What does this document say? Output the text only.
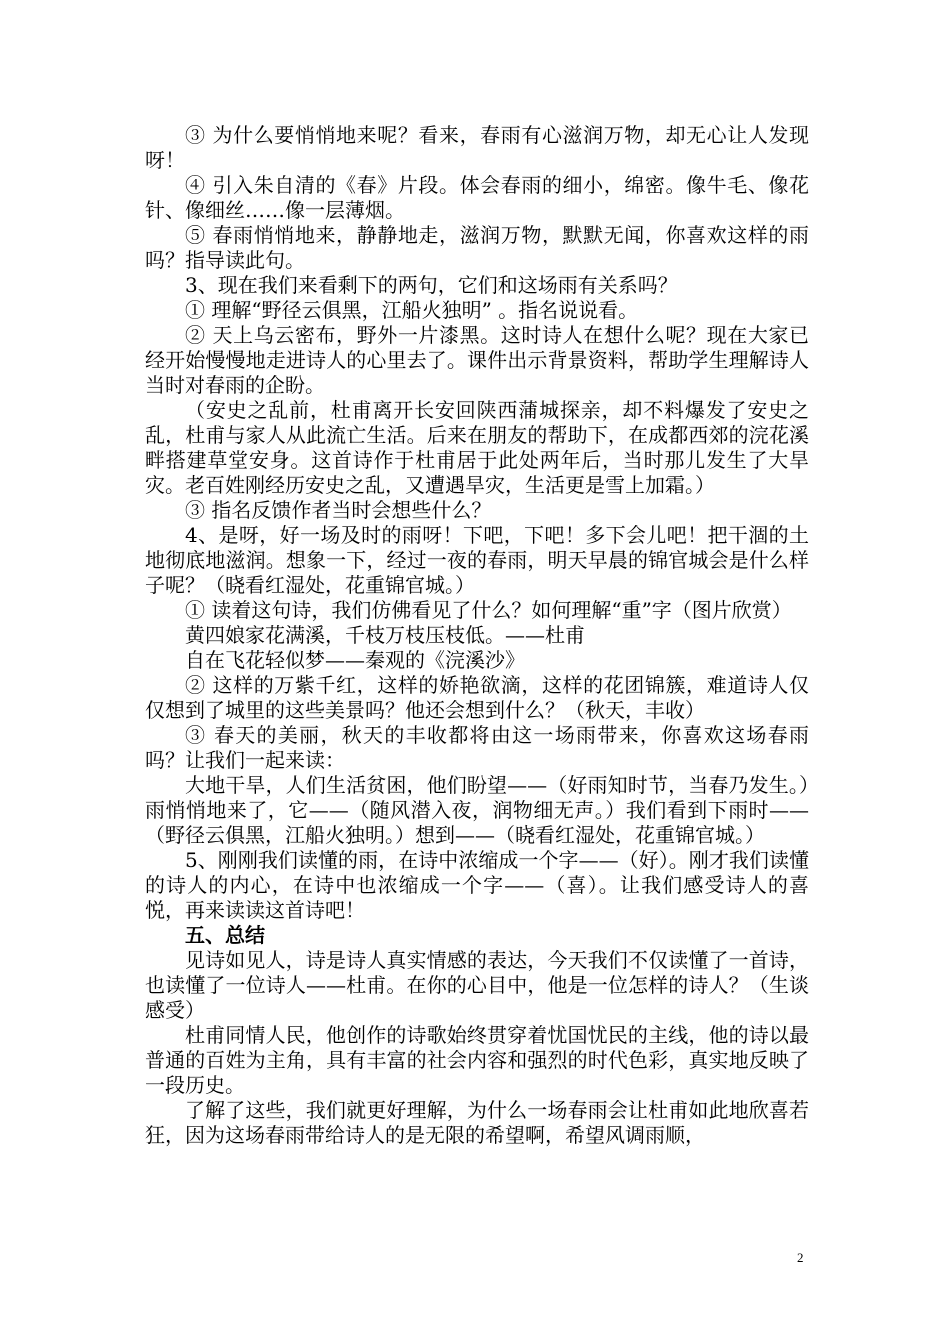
③ 为什么要悄悄地来呢？看来，春雨有心滋润万物，却无心让人发现呀！

④ 引入朱自清的《春》片段。体会春雨的细小，绵密。像牛毛、像花针、像细丝……像一层薄烟。

⑤ 春雨悄悄地来，静静地走，滋润万物，默默无闻，你喜欢这样的雨吗？指导读此句。

3、现在我们来看剩下的两句，它们和这场雨有关系吗？

① 理解“野径云俱黑，江船火独明” 。指名说说看。

② 天上乌云密布，野外一片漆黑。这时诗人在想什么呢？现在大家已经开始慢慢地走进诗人的心里去了。课件出示背景资料，帮助学生理解诗人当时对春雨的企盼。

（安史之乱前，杜甫离开长安回陕西蒲城探亲，却不料爆发了安史之乱，杜甫与家人从此流亡生活。后来在朋友的帮助下，在成都西郊的浣花溪畔搭建草堂安身。这首诗作于杜甫居于此处两年后，当时那儿发生了大旱灾。老百姓刚经历安史之乱，又遭遇旱灾，生活更是雪上加霜。）

③ 指名反馈作者当时会想些什么？

4、是呀，好一场及时的雨呀！下吧，下吧！多下会儿吧！把干涸的土地彻底地滋润。想象一下，经过一夜的春雨，明天早晨的锦官城会是什么样子呢？（晓看红湿处，花重锦官城。）

① 读着这句诗，我们仿佛看见了什么？如何理解“重”字（图片欣赏）

黄四娘家花满溪，千枝万枝压枝低。——杜甫

自在飞花轻似梦——秦观的《浣溪沙》

② 这样的万紫千红，这样的娇艳欲滴，这样的花团锦簇，难道诗人仅仅想到了城里的这些美景吗？他还会想到什么？（秋天，丰收）

③ 春天的美丽，秋天的丰收都将由这一场雨带来，你喜欢这场春雨吗？让我们一起来读：

大地干旱，人们生活贫困，他们盼望——（好雨知时节，当春乃发生。）雨悄悄地来了，它——（随风潜入夜，润物细无声。）我们看到下雨时——（野径云俱黑，江船火独明。）想到——（晓看红湿处，花重锦官城。）

5、刚刚我们读懂的雨，在诗中浓缩成一个字——（好）。刚才我们读懂的诗人的内心，在诗中也浓缩成一个字——（喜）。让我们感受诗人的喜悦，再来读读这首诗吧！

五、总结

见诗如见人，诗是诗人真实情感的表达，今天我们不仅读懂了一首诗，也读懂了一位诗人——杜甫。在你的心目中，他是一位怎样的诗人？（生谈感受）

杜甫同情人民，他创作的诗歌始终贯穿着忧国忧民的主线，他的诗以最普通的百姓为主角，具有丰富的社会内容和强烈的时代色彩，真实地反映了一段历史。

了解了这些，我们就更好理解，为什么一场春雨会让杜甫如此地欣喜若狂，因为这场春雨带给诗人的是无限的希望啊，希望风调雨顺，

2
